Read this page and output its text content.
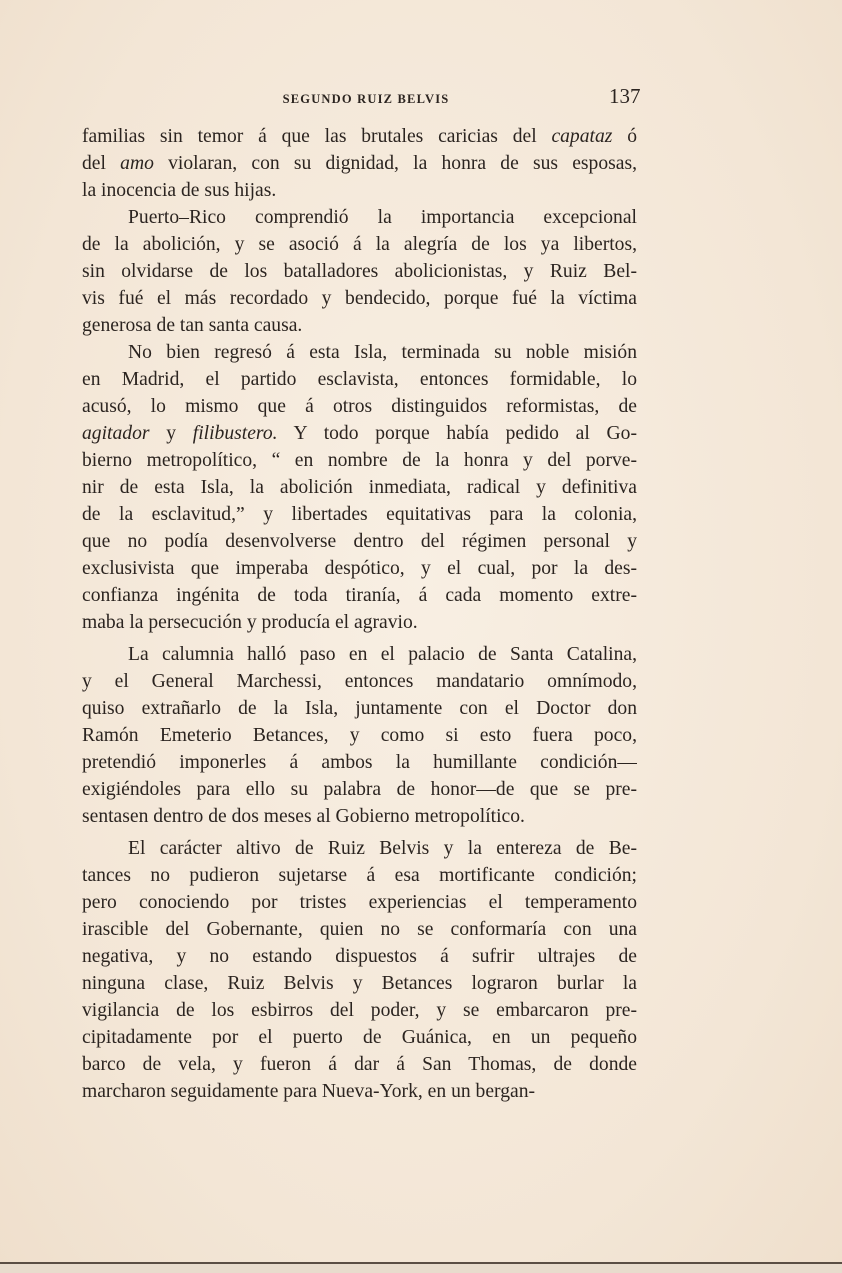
SEGUNDO RUIZ BELVIS	137

familias sin temor á que las brutales caricias del capataz ó

del amo violaran, con su dignidad, la honra de sus esposas,

la inocencia de sus hijas.

Puerto–Rico comprendió la importancia excepcional

de la abolición, y se asoció á la alegría de los ya libertos,

sin olvidarse de los batalladores abolicionistas, y Ruiz Bel-

vis fué el más recordado y bendecido, porque fué la víctima

generosa de tan santa causa.

No bien regresó á esta Isla, terminada su noble misión

en Madrid, el partido esclavista, entonces formidable, lo

acusó, lo mismo que á otros distinguidos reformistas, de

agitador y filibustero. Y todo porque había pedido al Go-

bierno metropolítico, “ en nombre de la honra y del porve-

nir de esta Isla, la abolición inmediata, radical y definitiva

de la esclavitud,” y libertades equitativas para la colonia,

que no podía desenvolverse dentro del régimen personal y

exclusivista que imperaba despótico, y el cual, por la des-

confianza ingénita de toda tiranía, á cada momento extre-

maba la persecución y producía el agravio.

La calumnia halló paso en el palacio de Santa Catalina,

y el General Marchessi, entonces mandatario omnímodo,

quiso extrañarlo de la Isla, juntamente con el Doctor don

Ramón Emeterio Betances, y como si esto fuera poco,

pretendió imponerles á ambos la humillante condición—

exigiéndoles para ello su palabra de honor—de que se pre-

sentasen dentro de dos meses al Gobierno metropolítico.

El carácter altivo de Ruiz Belvis y la entereza de Be-

tances no pudieron sujetarse á esa mortificante condición;

pero conociendo por tristes experiencias el temperamento

irascible del Gobernante, quien no se conformaría con una

negativa, y no estando dispuestos á sufrir ultrajes de

ninguna clase, Ruiz Belvis y Betances lograron burlar la

vigilancia de los esbirros del poder, y se embarcaron pre-

cipitadamente por el puerto de Guánica, en un pequeño

barco de vela, y fueron á dar á San Thomas, de donde

marcharon seguidamente para Nueva-York, en un bergan-
